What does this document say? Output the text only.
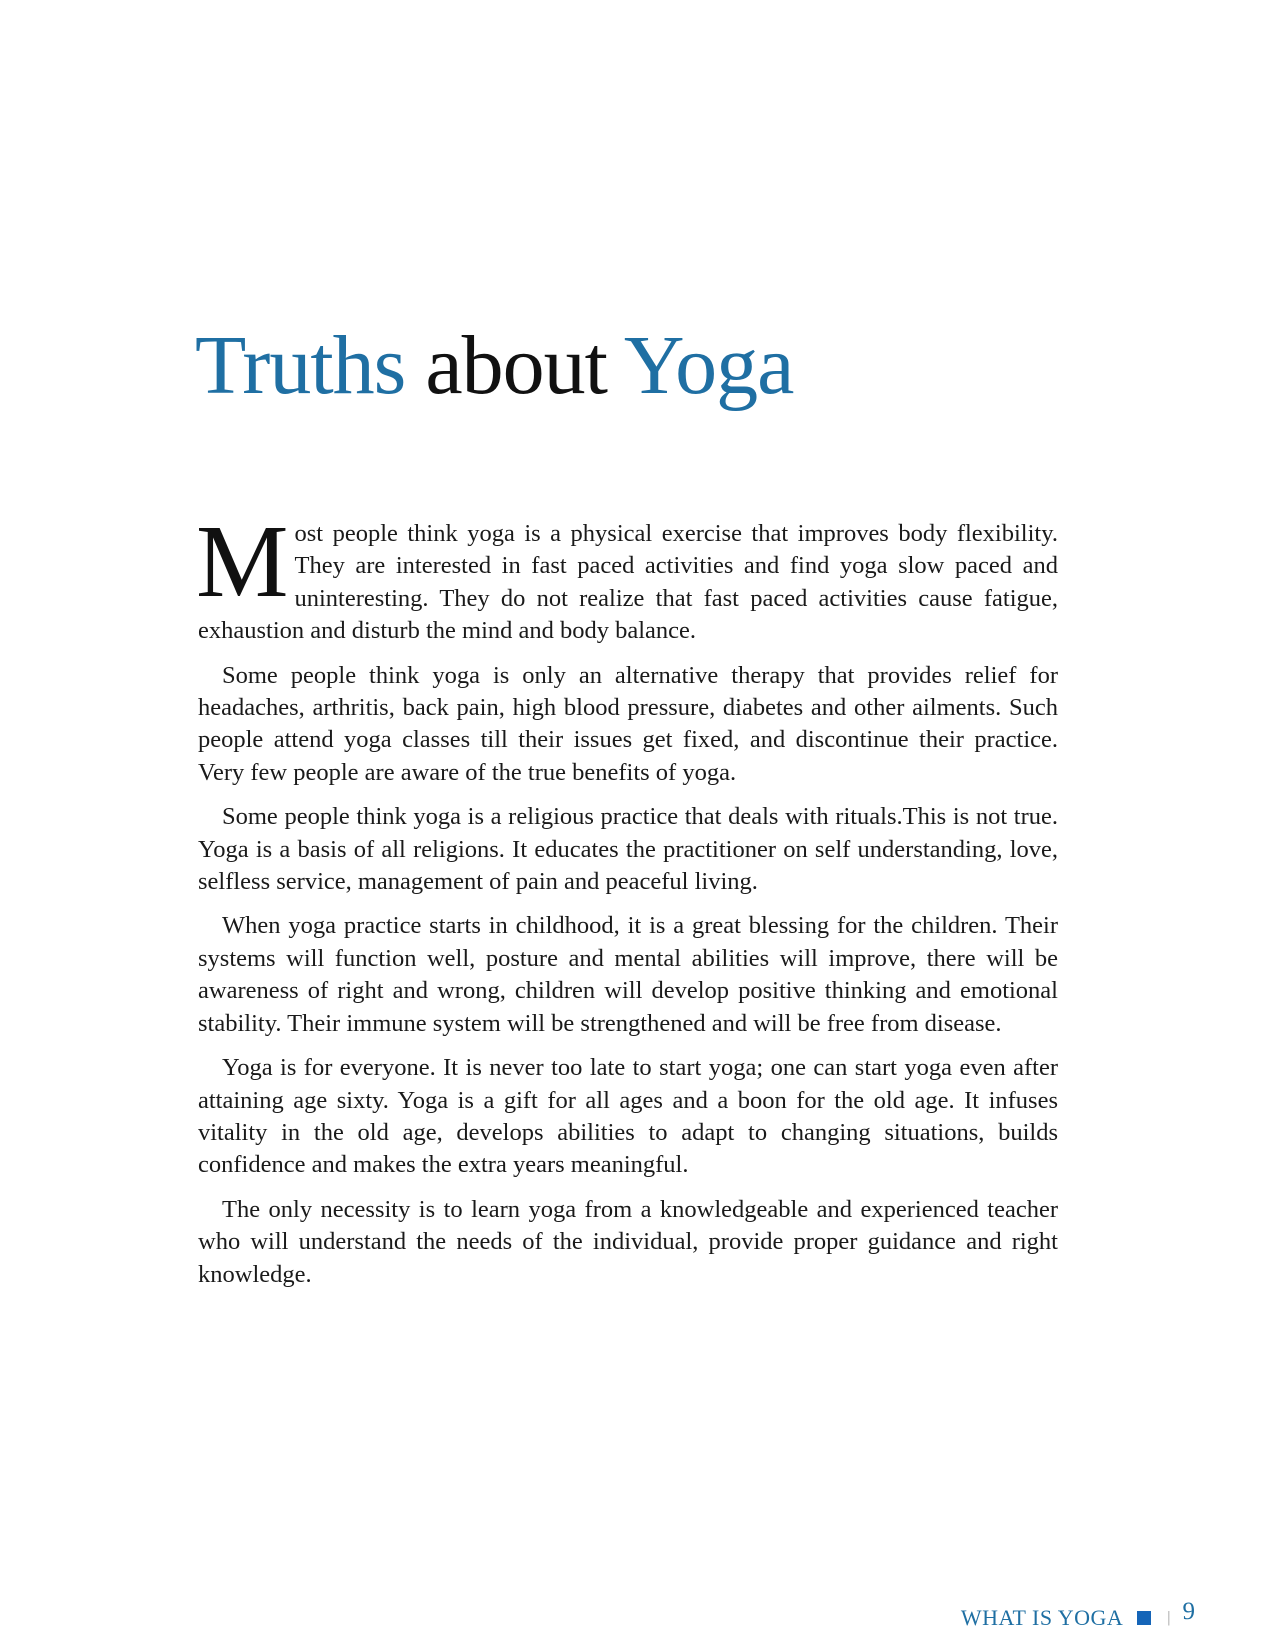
Truths about Yoga

Most people think yoga is a physical exercise that improves body flexibility. They are interested in fast paced activities and find yoga slow paced and uninteresting. They do not realize that fast paced activities cause fatigue, exhaustion and disturb the mind and body balance.

Some people think yoga is only an alternative therapy that provides relief for headaches, arthritis, back pain, high blood pressure, diabetes and other ailments. Such people attend yoga classes till their issues get fixed, and discontinue their practice. Very few people are aware of the true benefits of yoga.

Some people think yoga is a religious practice that deals with rituals.This is not true. Yoga is a basis of all religions. It educates the practitioner on self understanding, love, selfless service, management of pain and peaceful living.

When yoga practice starts in childhood, it is a great blessing for the children. Their systems will function well, posture and mental abilities will improve, there will be awareness of right and wrong, children will develop positive thinking and emotional stability. Their immune system will be strengthened and will be free from disease.

Yoga is for everyone. It is never too late to start yoga; one can start yoga even after attaining age sixty. Yoga is a gift for all ages and a boon for the old age. It infuses vitality in the old age, develops abilities to adapt to changing situations, builds confidence and makes the extra years meaningful.

The only necessity is to learn yoga from a knowledgeable and experienced teacher who will understand the needs of the individual, provide proper guidance and right knowledge.

WHAT IS YOGA	| 9
